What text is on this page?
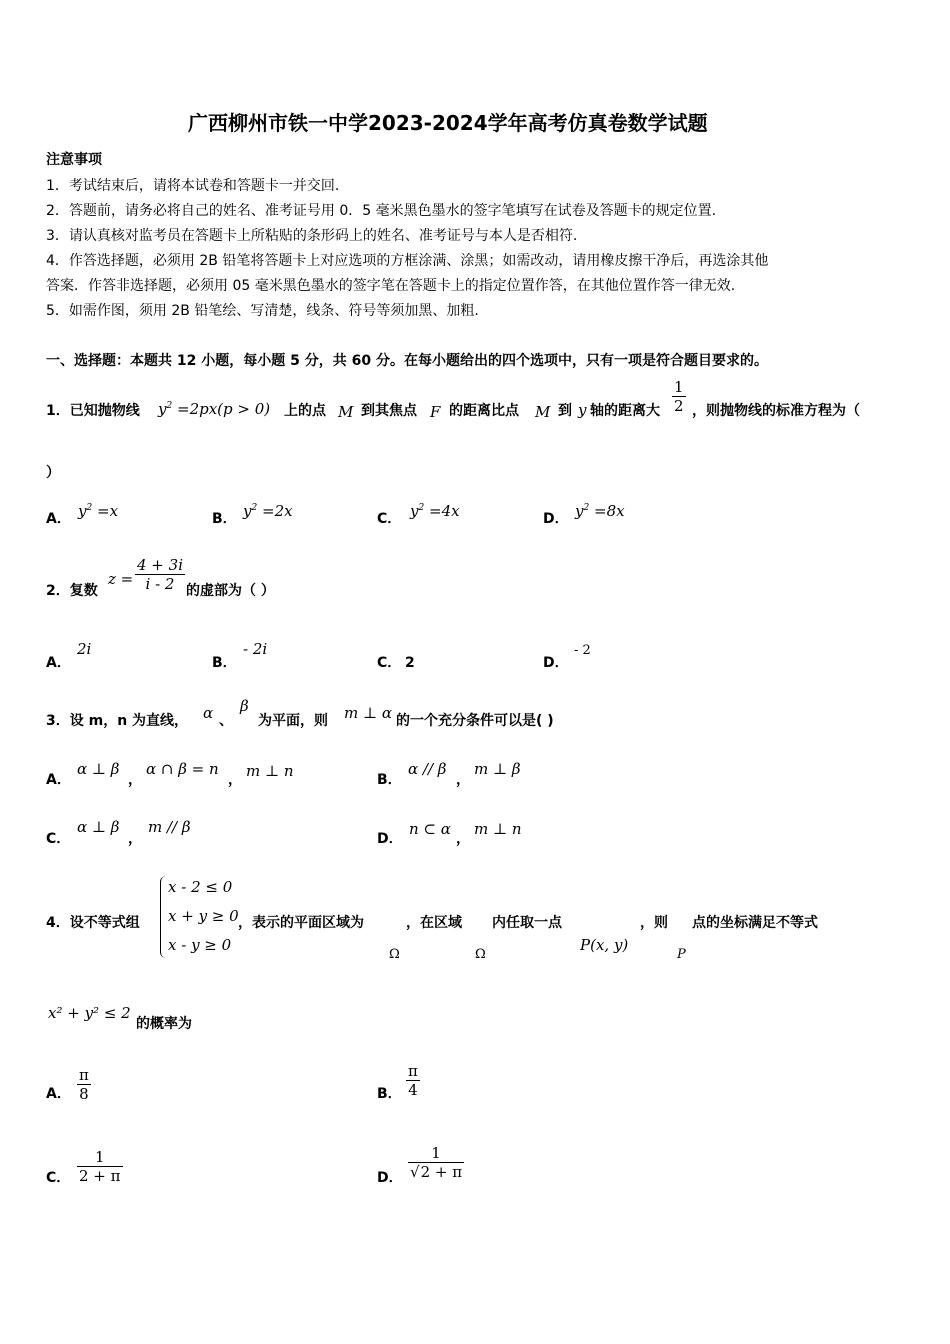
广西柳州市铁一中学2023-2024学年高考仿真卷数学试题
注意事项
1．考试结束后，请将本试卷和答题卡一并交回.
2．答题前，请务必将自己的姓名、准考证号用 0．5 毫米黑色墨水的签字笔填写在试卷及答题卡的规定位置.
3．请认真核对监考员在答题卡上所粘贴的条形码上的姓名、准考证号与本人是否相符.
4．作答选择题，必须用 2B 铅笔将答题卡上对应选项的方框涂满、涂黑；如需改动，请用橡皮擦干净后，再选涂其他
答案．作答非选择题，必须用 05 毫米黑色墨水的签字笔在答题卡上的指定位置作答，在其他位置作答一律无效.
5．如需作图，须用 2B 铅笔绘、写清楚，线条、符号等须加黑、加粗.
一、选择题：本题共 12 小题，每小题 5 分，共 60 分。在每小题给出的四个选项中，只有一项是符合题目要求的。
1．已知抛物线 $y^2 =2px(p > 0)$ 上的点 M 到其焦点 F 的距离比点 M 到 y 轴的距离大
1
2 ，则抛物线的标准方程为（
）
A． $y^2 =x$	B． $y^2 =2x$	C． $y^2 =4x$	D． $y^2 =8x$
2．复数
z =
4 + 3i
i - 2 的虚部为（ ）
A．
2i
B．
- 2i
C． 2	D．
- 2
3．设 m，n 为直线， α 、
β
为平面，则 m ⊥ α 的一个充分条件可以是( )
A．
α ⊥ β
，
α ∩ β = n
， m ⊥ n	B．
α // β
，
m ⊥ β
C．
α ⊥ β
，
m // β
D．
n ⊂ α
，
m ⊥ n
4．设不等式组
x - 2 ≤ 0
x + y ≥ 0
x - y ≥ 0
，表示的平面区域为	，在区域 内任取一点	，则 点的坐标满足不等式
Ω	Ω
P(x, y)
P
x² + y² ≤ 2
的概率为
A．
π
8	B．
π
4
C．
1
2 + π	D．
1
√2 + π
